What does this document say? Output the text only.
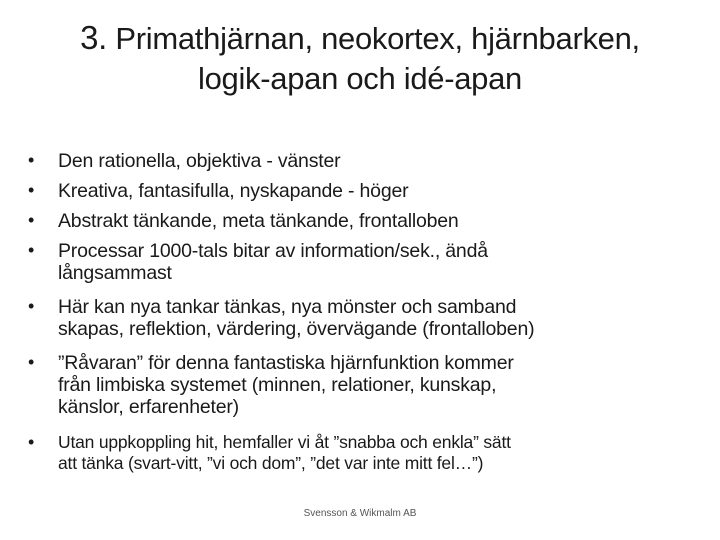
3. Primathjärnan, neokortex, hjärnbarken,
logik-apan och idé-apan
• Den rationella, objektiva - vänster
• Kreativa, fantasifulla, nyskapande - höger
• Abstrakt tänkande, meta tänkande, frontalloben
• Processar 1000-tals bitar av information/sek., ändå
långsammast
• Här kan nya tankar tänkas, nya mönster och samband
skapas, reflektion, värdering, övervägande (frontalloben)
• ”Råvaran” för denna fantastiska hjärnfunktion kommer
från limbiska systemet (minnen, relationer, kunskap,
känslor, erfarenheter)
• Utan uppkoppling hit, hemfaller vi åt ”snabba och enkla” sätt
att tänka (svart-vitt, ”vi och dom”, ”det var inte mitt fel…”)
Svensson & Wikmalm AB
